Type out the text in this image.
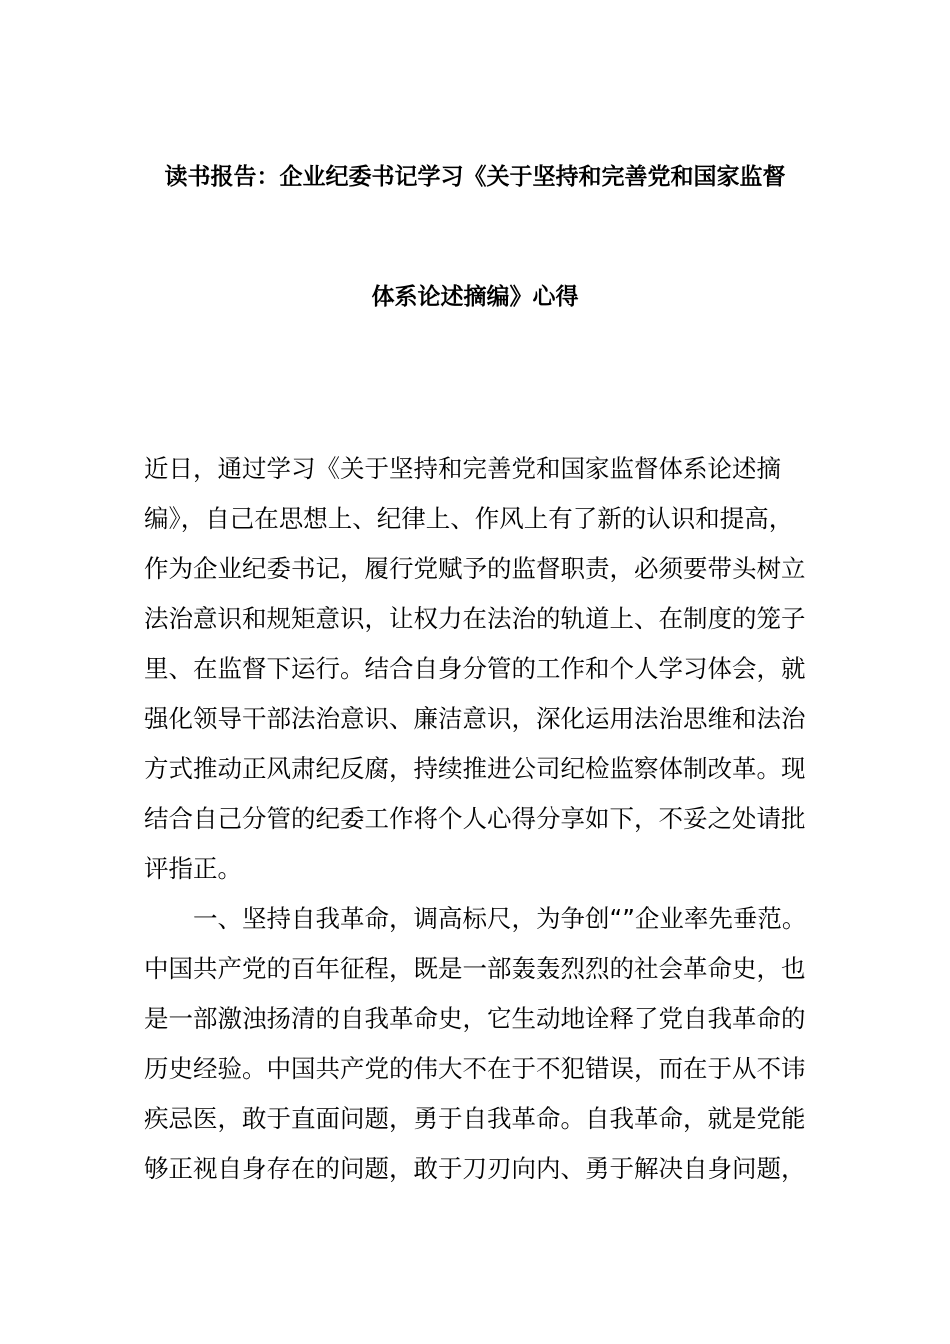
读书报告：企业纪委书记学习《关于坚持和完善党和国家监督
体系论述摘编》心得
近日，通过学习《关于坚持和完善党和国家监督体系论述摘
编》，自己在思想上、纪律上、作风上有了新的认识和提高，
作为企业纪委书记，履行党赋予的监督职责，必须要带头树立
法治意识和规矩意识，让权力在法治的轨道上、在制度的笼子
里、在监督下运行。结合自身分管的工作和个人学习体会，就
强化领导干部法治意识、廉洁意识，深化运用法治思维和法治
方式推动正风肃纪反腐，持续推进公司纪检监察体制改革。现
结合自己分管的纪委工作将个人心得分享如下，不妥之处请批
评指正。
一、坚持自我革命，调高标尺，为争创“”企业率先垂范。
中国共产党的百年征程，既是一部轰轰烈烈的社会革命史，也
是一部激浊扬清的自我革命史，它生动地诠释了党自我革命的
历史经验。中国共产党的伟大不在于不犯错误，而在于从不讳
疾忌医，敢于直面问题，勇于自我革命。自我革命，就是党能
够正视自身存在的问题，敢于刀刃向内、勇于解决自身问题，
